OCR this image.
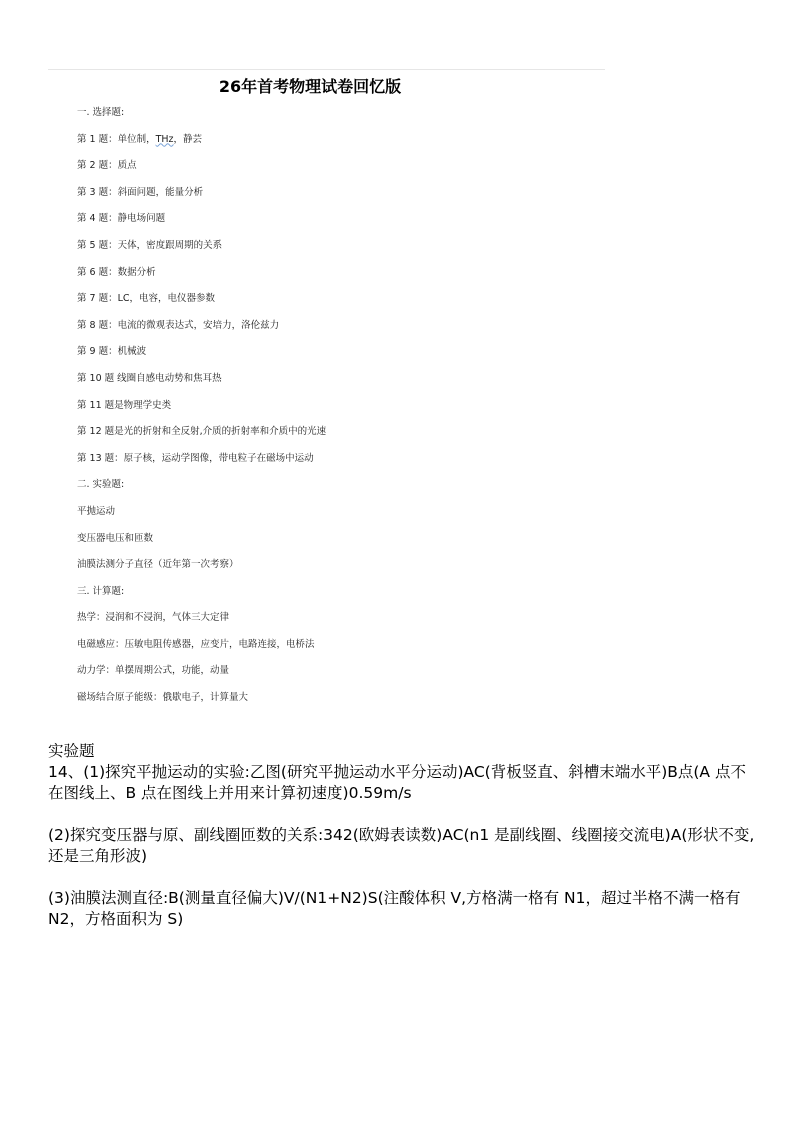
26年首考物理试卷回忆版
一. 选择题:
第 1 题：单位制，THz，静芸
第 2 题：质点
第 3 题：斜面问题，能量分析
第 4 题：静电场问题
第 5 题：天体，密度跟周期的关系
第 6 题：数据分析
第 7 题：LC，电容，电仪器参数
第 8 题：电流的微观表达式，安培力，洛伦兹力
第 9 题：机械波
第 10 题 线圈自感电动势和焦耳热
第 11 题是物理学史类
第 12 题是光的折射和全反射,介质的折射率和介质中的光速
第 13 题：原子核，运动学图像，带电粒子在磁场中运动
二. 实验题:
平抛运动
变压器电压和匝数
油膜法测分子直径（近年第一次考察）
三. 计算题:
热学：浸润和不浸润，气体三大定律
电磁感应：压敏电阻传感器，应变片，电路连接，电桥法
动力学：单摆周期公式，功能，动量
磁场结合原子能级：俄歇电子，计算量大

实验题

14、(1)探究平抛运动的实验:乙图(研究平抛运动水平分运动)AC(背板竖直、斜槽末端水平)B点(A 点不在图线上、B 点在图线上并用来计算初速度)0.59m/s

(2)探究变压器与原、副线圈匝数的关系:342(欧姆表读数)AC(n1 是副线圈、线圈接交流电)A(形状不变,还是三角形波)

(3)油膜法测直径:B(测量直径偏大)V/(N1+N2)S(注酸体积 V,方格满一格有 N1，超过半格不满一格有 N2，方格面积为 S)
